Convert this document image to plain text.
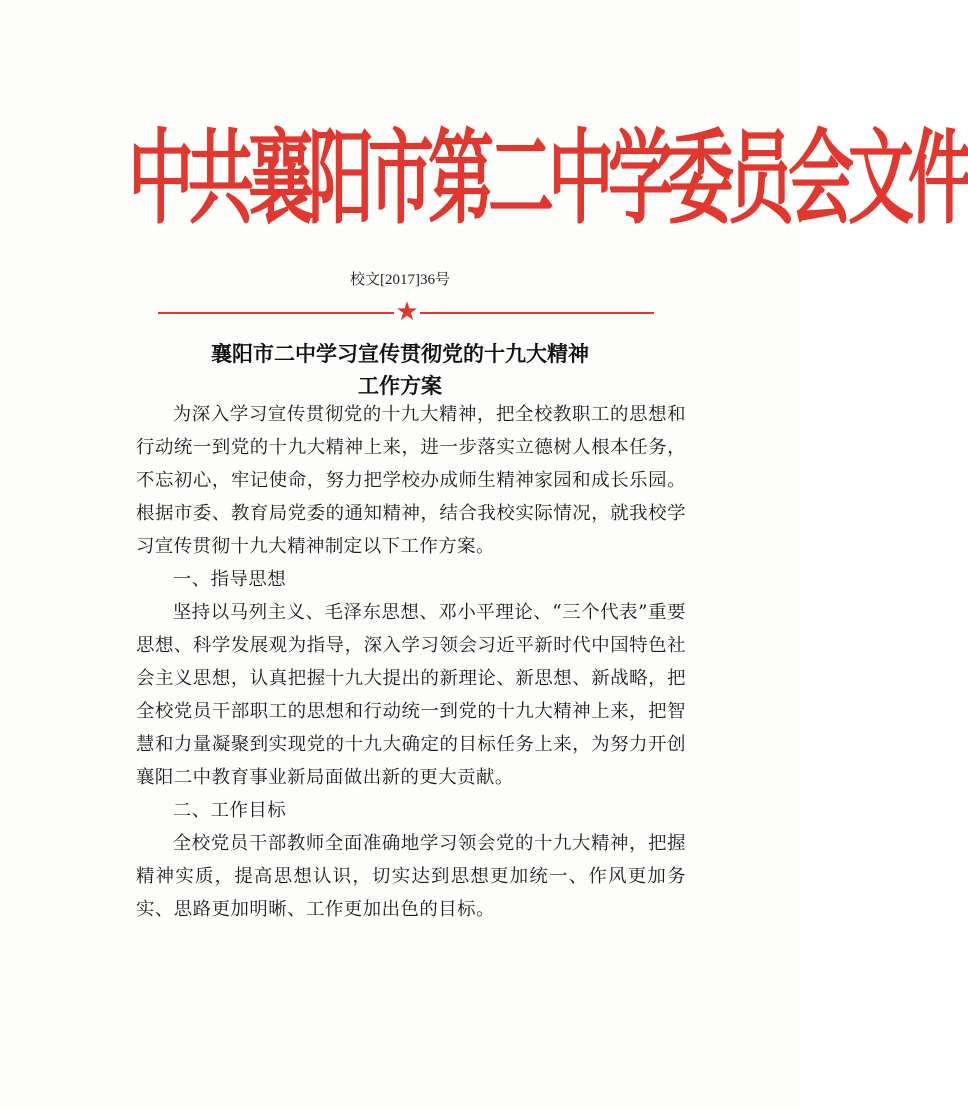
中共襄阳市第二中学委员会文件
校文[2017]36号
★
襄阳市二中学习宣传贯彻党的十九大精神
工作方案

为深入学习宣传贯彻党的十九大精神，把全校教职工的思想和行动统一到党的十九大精神上来，进一步落实立德树人根本任务，不忘初心，牢记使命，努力把学校办成师生精神家园和成长乐园。根据市委、教育局党委的通知精神，结合我校实际情况，就我校学习宣传贯彻十九大精神制定以下工作方案。

一、指导思想

坚持以马列主义、毛泽东思想、邓小平理论、“三个代表”重要思想、科学发展观为指导，深入学习领会习近平新时代中国特色社会主义思想，认真把握十九大提出的新理论、新思想、新战略，把全校党员干部职工的思想和行动统一到党的十九大精神上来，把智慧和力量凝聚到实现党的十九大确定的目标任务上来，为努力开创襄阳二中教育事业新局面做出新的更大贡献。

二、工作目标

全校党员干部教师全面准确地学习领会党的十九大精神，把握精神实质，提高思想认识，切实达到思想更加统一、作风更加务实、思路更加明晰、工作更加出色的目标。
